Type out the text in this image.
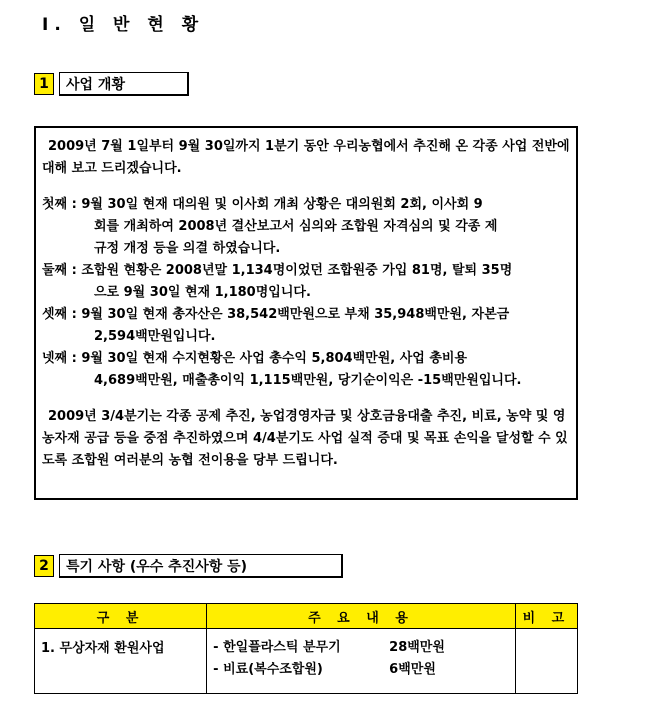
Ⅰ. 일 반 현 황
1	사업 개황

2009년 7월 1일부터 9월 30일까지 1분기 동안 우리농협에서 추진해 온 각종 사업 전반에 대해 보고 드리겠습니다.

첫째 : 9월 30일 현재 대의원 및 이사회 개최 상황은 대의원회 2회, 이사회 9

회를 개최하여 2008년 결산보고서 심의와 조합원 자격심의 및 각종 제

규정 개정 등을 의결 하였습니다.

둘째 : 조합원 현황은 2008년말 1,134명이었던 조합원중 가입 81명, 탈퇴 35명

으로 9월 30일 현재 1,180명입니다.

셋째 : 9월 30일 현재 총자산은 38,542백만원으로 부채 35,948백만원, 자본금

2,594백만원입니다.

넷째 : 9월 30일 현재 수지현황은 사업 총수익 5,804백만원, 사업 총비용

4,689백만원, 매출총이익 1,115백만원, 당기순이익은 -15백만원입니다.

2009년 3/4분기는 각종 공제 추진, 농업경영자금 및 상호금융대출 추진, 비료, 농약 및 영농자재 공급 등을 중점 추진하였으며 4/4분기도 사업 실적 증대 및 목표 손익을 달성할 수 있도록 조합원 여러분의 농협 전이용을 당부 드립니다.

2	특기 사항 (우수 추진사항 등)
구 분	주 요 내 용	비 고
1. 무상자재 환원사업	- 한일플라스틱 분무기 28백만원
- 비료(복수조합원) 6백만원	
